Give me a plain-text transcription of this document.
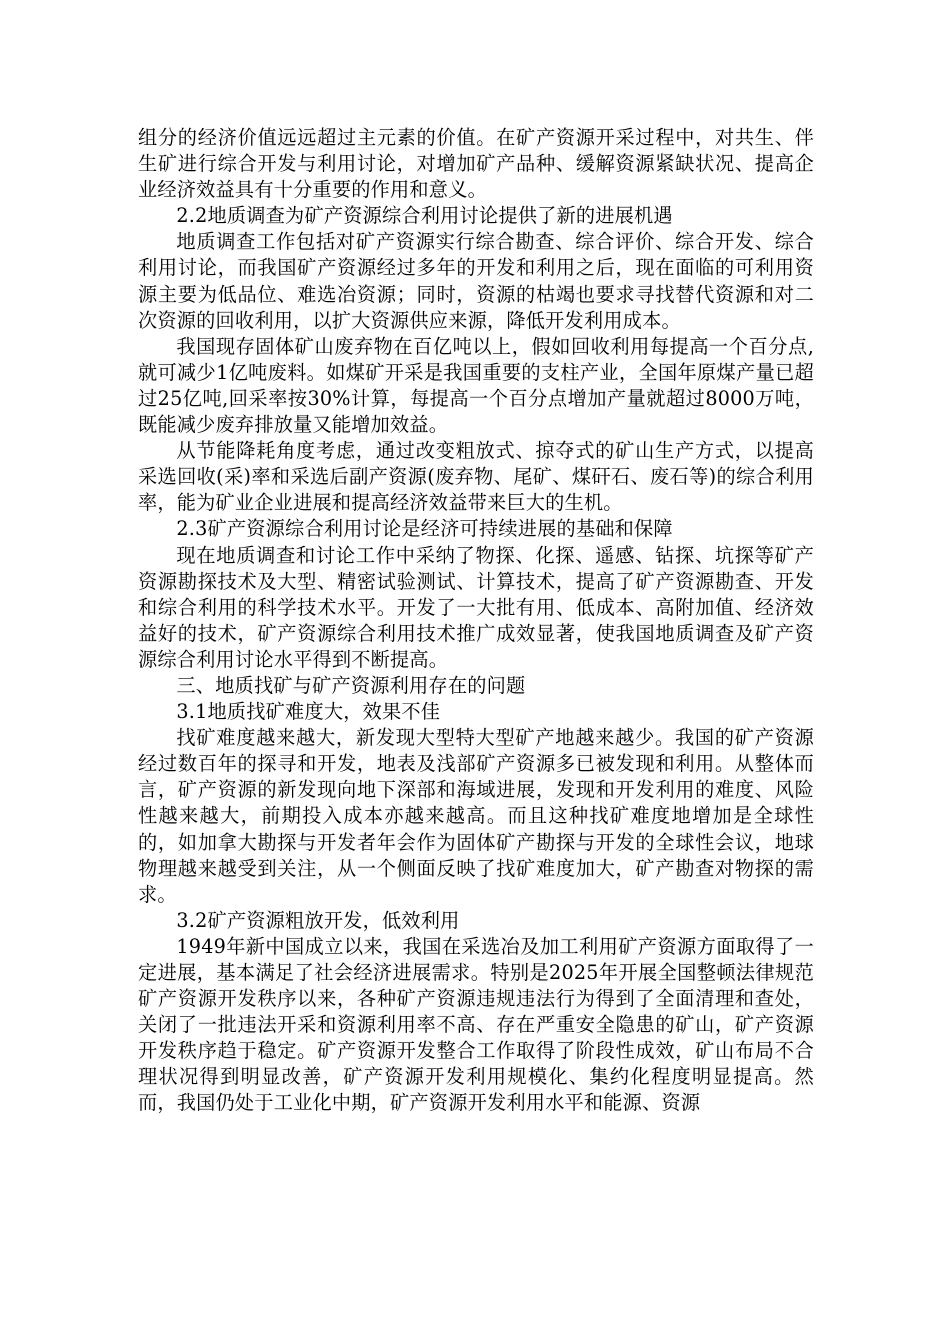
组分的经济价值远远超过主元素的价值。在矿产资源开采过程中，对共生、伴生矿进行综合开发与利用讨论，对增加矿产品种、缓解资源紧缺状况、提高企业经济效益具有十分重要的作用和意义。

2.2地质调查为矿产资源综合利用讨论提供了新的进展机遇

地质调查工作包括对矿产资源实行综合勘查、综合评价、综合开发、综合利用讨论，而我国矿产资源经过多年的开发和利用之后，现在面临的可利用资源主要为低品位、难选冶资源；同时，资源的枯竭也要求寻找替代资源和对二次资源的回收利用，以扩大资源供应来源，降低开发利用成本。

我国现存固体矿山废弃物在百亿吨以上，假如回收利用每提高一个百分点,就可减少1亿吨废料。如煤矿开采是我国重要的支柱产业，全国年原煤产量已超过25亿吨,回采率按30%计算，每提高一个百分点增加产量就超过8000万吨，既能减少废弃排放量又能增加效益。

从节能降耗角度考虑，通过改变粗放式、掠夺式的矿山生产方式，以提高采选回收(采)率和采选后副产资源(废弃物、尾矿、煤矸石、废石等)的综合利用率，能为矿业企业进展和提高经济效益带来巨大的生机。

2.3矿产资源综合利用讨论是经济可持续进展的基础和保障

现在地质调查和讨论工作中采纳了物探、化探、遥感、钻探、坑探等矿产资源勘探技术及大型、精密试验测试、计算技术，提高了矿产资源勘查、开发和综合利用的科学技术水平。开发了一大批有用、低成本、高附加值、经济效益好的技术，矿产资源综合利用技术推广成效显著，使我国地质调查及矿产资源综合利用讨论水平得到不断提高。

三、地质找矿与矿产资源利用存在的问题

3.1地质找矿难度大，效果不佳

找矿难度越来越大，新发现大型特大型矿产地越来越少。我国的矿产资源经过数百年的探寻和开发，地表及浅部矿产资源多已被发现和利用。从整体而言，矿产资源的新发现向地下深部和海域进展，发现和开发利用的难度、风险性越来越大，前期投入成本亦越来越高。而且这种找矿难度地增加是全球性的，如加拿大勘探与开发者年会作为固体矿产勘探与开发的全球性会议，地球物理越来越受到关注，从一个侧面反映了找矿难度加大，矿产勘查对物探的需求。

3.2矿产资源粗放开发，低效利用

1949年新中国成立以来，我国在采选冶及加工利用矿产资源方面取得了一定进展，基本满足了社会经济进展需求。特别是2025年开展全国整顿法律规范矿产资源开发秩序以来，各种矿产资源违规违法行为得到了全面清理和查处，关闭了一批违法开采和资源利用率不高、存在严重安全隐患的矿山，矿产资源开发秩序趋于稳定。矿产资源开发整合工作取得了阶段性成效，矿山布局不合理状况得到明显改善，矿产资源开发利用规模化、集约化程度明显提高。然而，我国仍处于工业化中期，矿产资源开发利用水平和能源、资源
